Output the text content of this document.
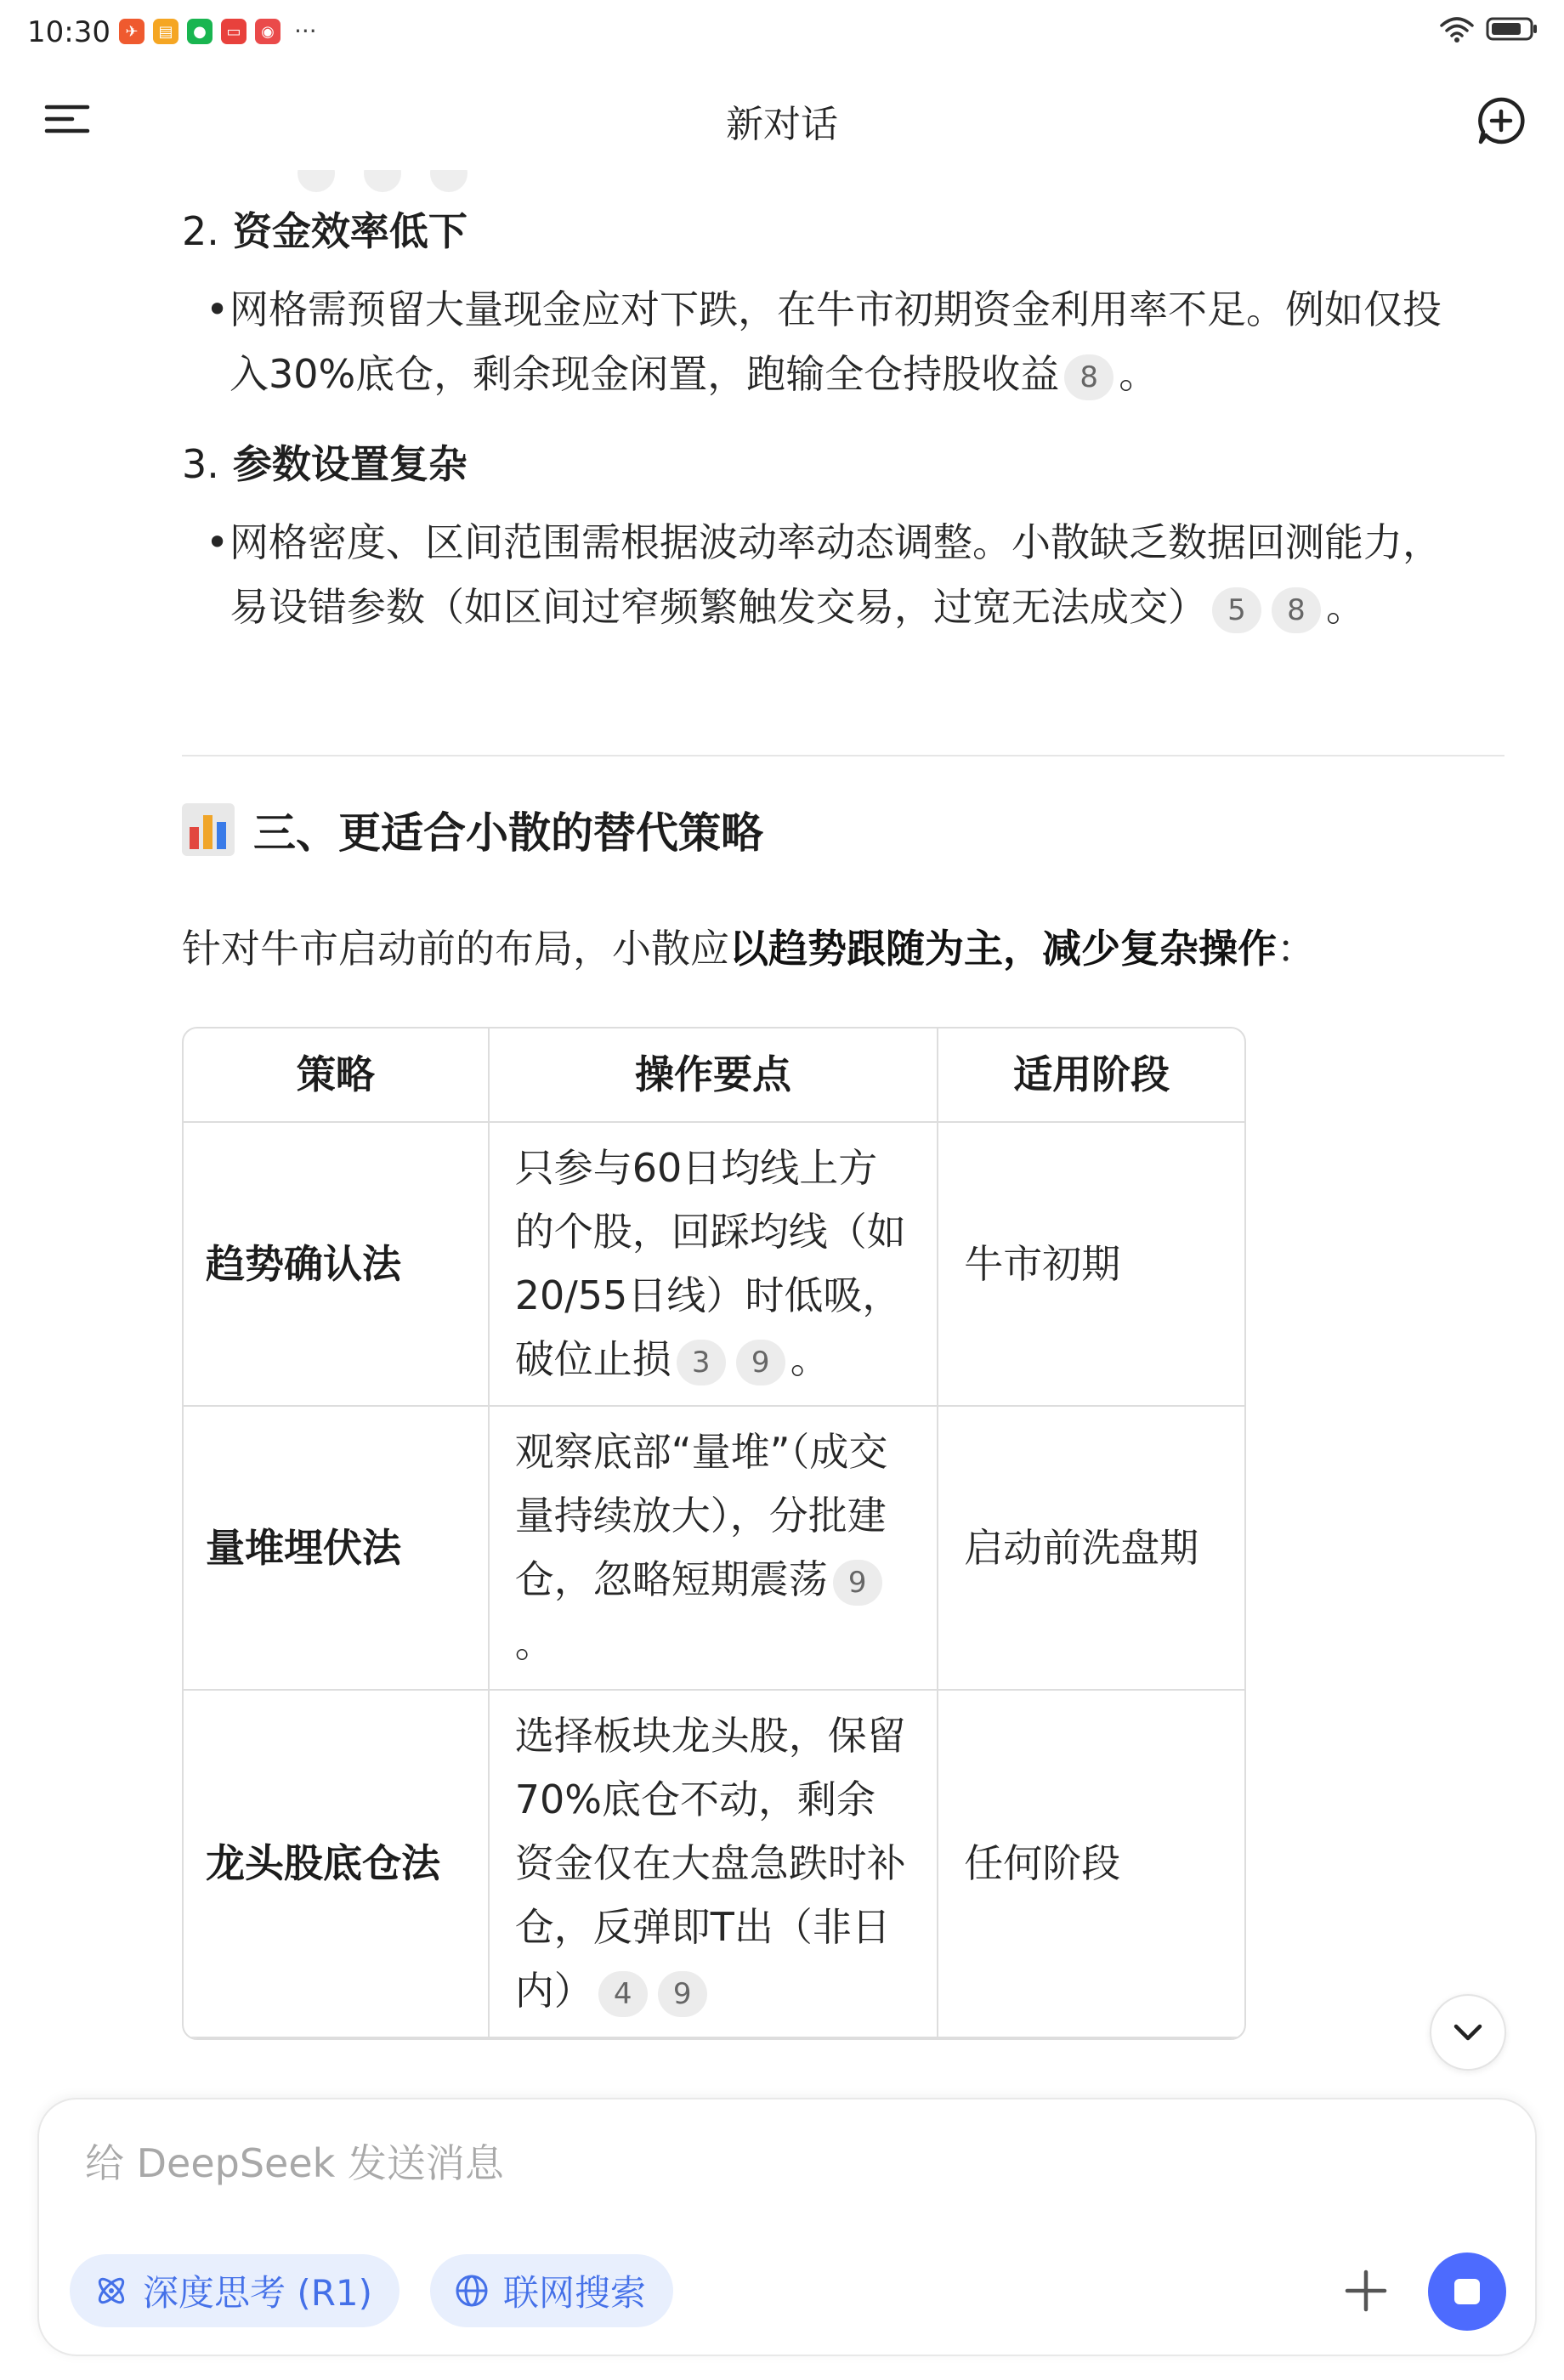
10:30 ✈	▤	●	▭	◉ ···
新对话
2. 资金效率低下
• 网格需预留大量现金应对下跌，在牛市初期资金利用率不足。例如仅投入30%底仓，剩余现金闲置，跑输全仓持股收益 8 。
3. 参数设置复杂
• 网格密度、区间范围需根据波动率动态调整。小散缺乏数据回测能力，易设错参数（如区间过窄频繁触发交易，过宽无法成交） 5 8 。
三、更适合小散的替代策略
针对牛市启动前的布局，小散应以趋势跟随为主，减少复杂操作：
策略	操作要点	适用阶段
趋势确认法	只参与60日均线上方的个股，回踩均线（如20/55日线）时低吸，破位止损 3 9 。	牛市初期
量堆埋伏法	观察底部“量堆”（成交量持续放大），分批建仓，忽略短期震荡 9。	启动前洗盘期
龙头股底仓法	选择板块龙头股，保留70%底仓不动，剩余资金仅在大盘急跌时补仓，反弹即T出（非日内） 4 9	任何阶段
给 DeepSeek 发送消息
深度思考 (R1)	联网搜索
